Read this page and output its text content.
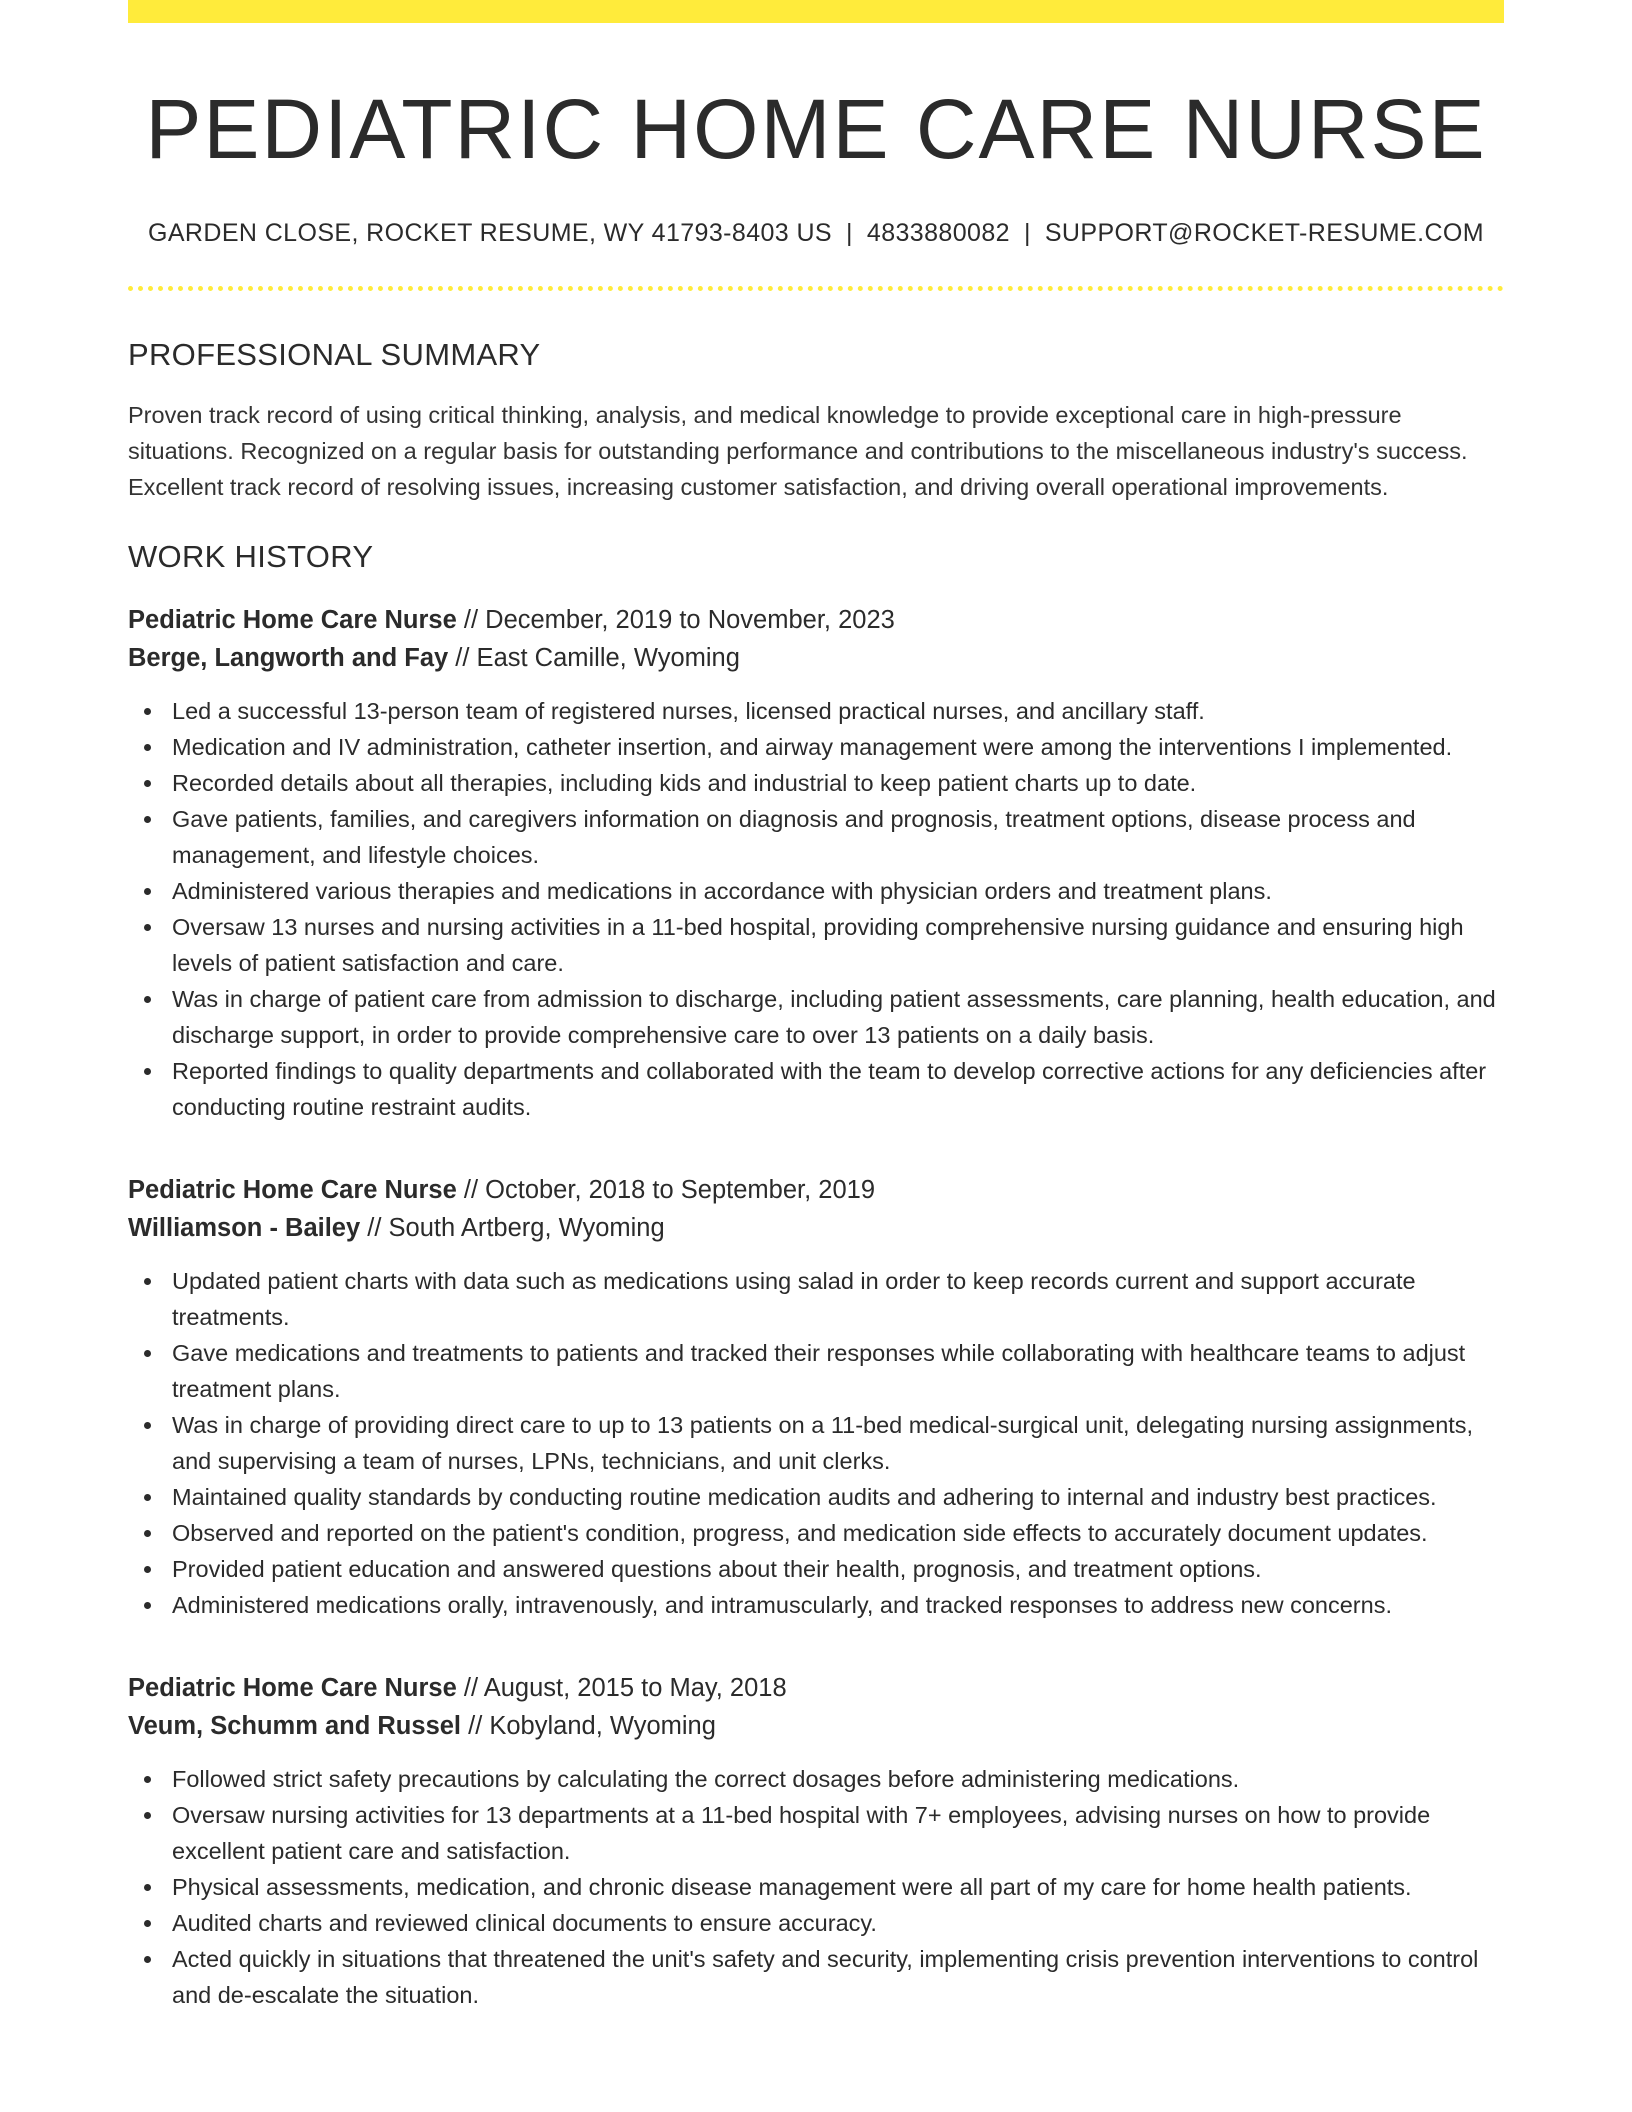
PEDIATRIC HOME CARE NURSE
GARDEN CLOSE, ROCKET RESUME, WY 41793-8403 US | 4833880082 | SUPPORT@ROCKET-RESUME.COM
PROFESSIONAL SUMMARY

Proven track record of using critical thinking, analysis, and medical knowledge to provide exceptional care in high-pressure situations. Recognized on a regular basis for outstanding performance and contributions to the miscellaneous industry's success. Excellent track record of resolving issues, increasing customer satisfaction, and driving overall operational improvements.

WORK HISTORY
Pediatric Home Care Nurse // December, 2019 to November, 2023
Berge, Langworth and Fay // East Camille, Wyoming
Led a successful 13-person team of registered nurses, licensed practical nurses, and ancillary staff.
Medication and IV administration, catheter insertion, and airway management were among the interventions I implemented.
Recorded details about all therapies, including kids and industrial to keep patient charts up to date.
Gave patients, families, and caregivers information on diagnosis and prognosis, treatment options, disease process and management, and lifestyle choices.
Administered various therapies and medications in accordance with physician orders and treatment plans.
Oversaw 13 nurses and nursing activities in a 11-bed hospital, providing comprehensive nursing guidance and ensuring high levels of patient satisfaction and care.
Was in charge of patient care from admission to discharge, including patient assessments, care planning, health education, and discharge support, in order to provide comprehensive care to over 13 patients on a daily basis.
Reported findings to quality departments and collaborated with the team to develop corrective actions for any deficiencies after conducting routine restraint audits.
Pediatric Home Care Nurse // October, 2018 to September, 2019
Williamson - Bailey // South Artberg, Wyoming
Updated patient charts with data such as medications using salad in order to keep records current and support accurate treatments.
Gave medications and treatments to patients and tracked their responses while collaborating with healthcare teams to adjust treatment plans.
Was in charge of providing direct care to up to 13 patients on a 11-bed medical-surgical unit, delegating nursing assignments, and supervising a team of nurses, LPNs, technicians, and unit clerks.
Maintained quality standards by conducting routine medication audits and adhering to internal and industry best practices.
Observed and reported on the patient's condition, progress, and medication side effects to accurately document updates.
Provided patient education and answered questions about their health, prognosis, and treatment options.
Administered medications orally, intravenously, and intramuscularly, and tracked responses to address new concerns.
Pediatric Home Care Nurse // August, 2015 to May, 2018
Veum, Schumm and Russel // Kobyland, Wyoming
Followed strict safety precautions by calculating the correct dosages before administering medications.
Oversaw nursing activities for 13 departments at a 11-bed hospital with 7+ employees, advising nurses on how to provide excellent patient care and satisfaction.
Physical assessments, medication, and chronic disease management were all part of my care for home health patients.
Audited charts and reviewed clinical documents to ensure accuracy.
Acted quickly in situations that threatened the unit's safety and security, implementing crisis prevention interventions to control and de-escalate the situation.
